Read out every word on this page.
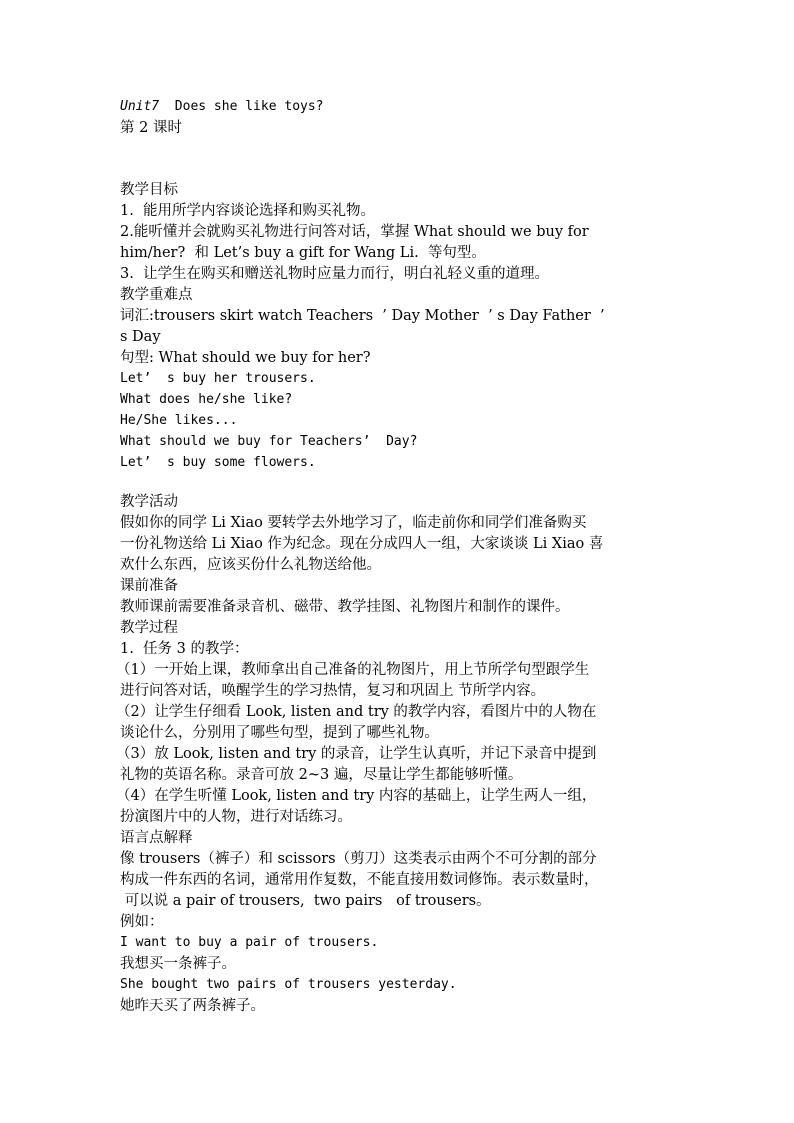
Unit7  Does she like toys?
第 2 课时
教学目标
1.  能用所学内容谈论选择和购买礼物。
2.能听懂并会就购买礼物进行问答对话，掌握 What should we buy for
him/her?  和 Let’s buy a gift for Wang Li.  等句型。
3.  让学生在购买和赠送礼物时应量力而行，明白礼轻义重的道理。
教学重难点
词汇:trousers skirt watch Teachers  ’ Day Mother  ’ s Day Father  ’
s Day
句型: What should we buy for her?
Let’  s buy her trousers.
What does he/she like?
He/She likes...
What should we buy for Teachers’  Day?
Let’  s buy some flowers.
教学活动
假如你的同学 Li Xiao 要转学去外地学习了，临走前你和同学们准备购买
一份礼物送给 Li Xiao 作为纪念。现在分成四人一组，大家谈谈 Li Xiao 喜
欢什么东西，应该买份什么礼物送给他。
课前准备
教师课前需要准备录音机、磁带、教学挂图、礼物图片和制作的课件。
教学过程
1.  任务 3 的教学：
（1）一开始上课，教师拿出自己准备的礼物图片，用上节所学句型跟学生
进行问答对话，唤醒学生的学习热情，复习和巩固上 节所学内容。
（2）让学生仔细看 Look, listen and try 的教学内容，看图片中的人物在
谈论什么，分别用了哪些句型，提到了哪些礼物。
（3）放 Look, listen and try 的录音，让学生认真听，并记下录音中提到
礼物的英语名称。录音可放 2~3 遍，尽量让学生都能够听懂。
（4）在学生听懂 Look, listen and try 内容的基础上，让学生两人一组，
扮演图片中的人物，进行对话练习。
语言点解释
像 trousers（裤子）和 scissors（剪刀）这类表示由两个不可分割的部分
构成一件东西的名词，通常用作复数，不能直接用数词修饰。表示数量时，
可以说 a pair of trousers,  two pairs   of trousers。
例如：
I want to buy a pair of trousers.
我想买一条裤子。
She bought two pairs of trousers yesterday.
她昨天买了两条裤子。
